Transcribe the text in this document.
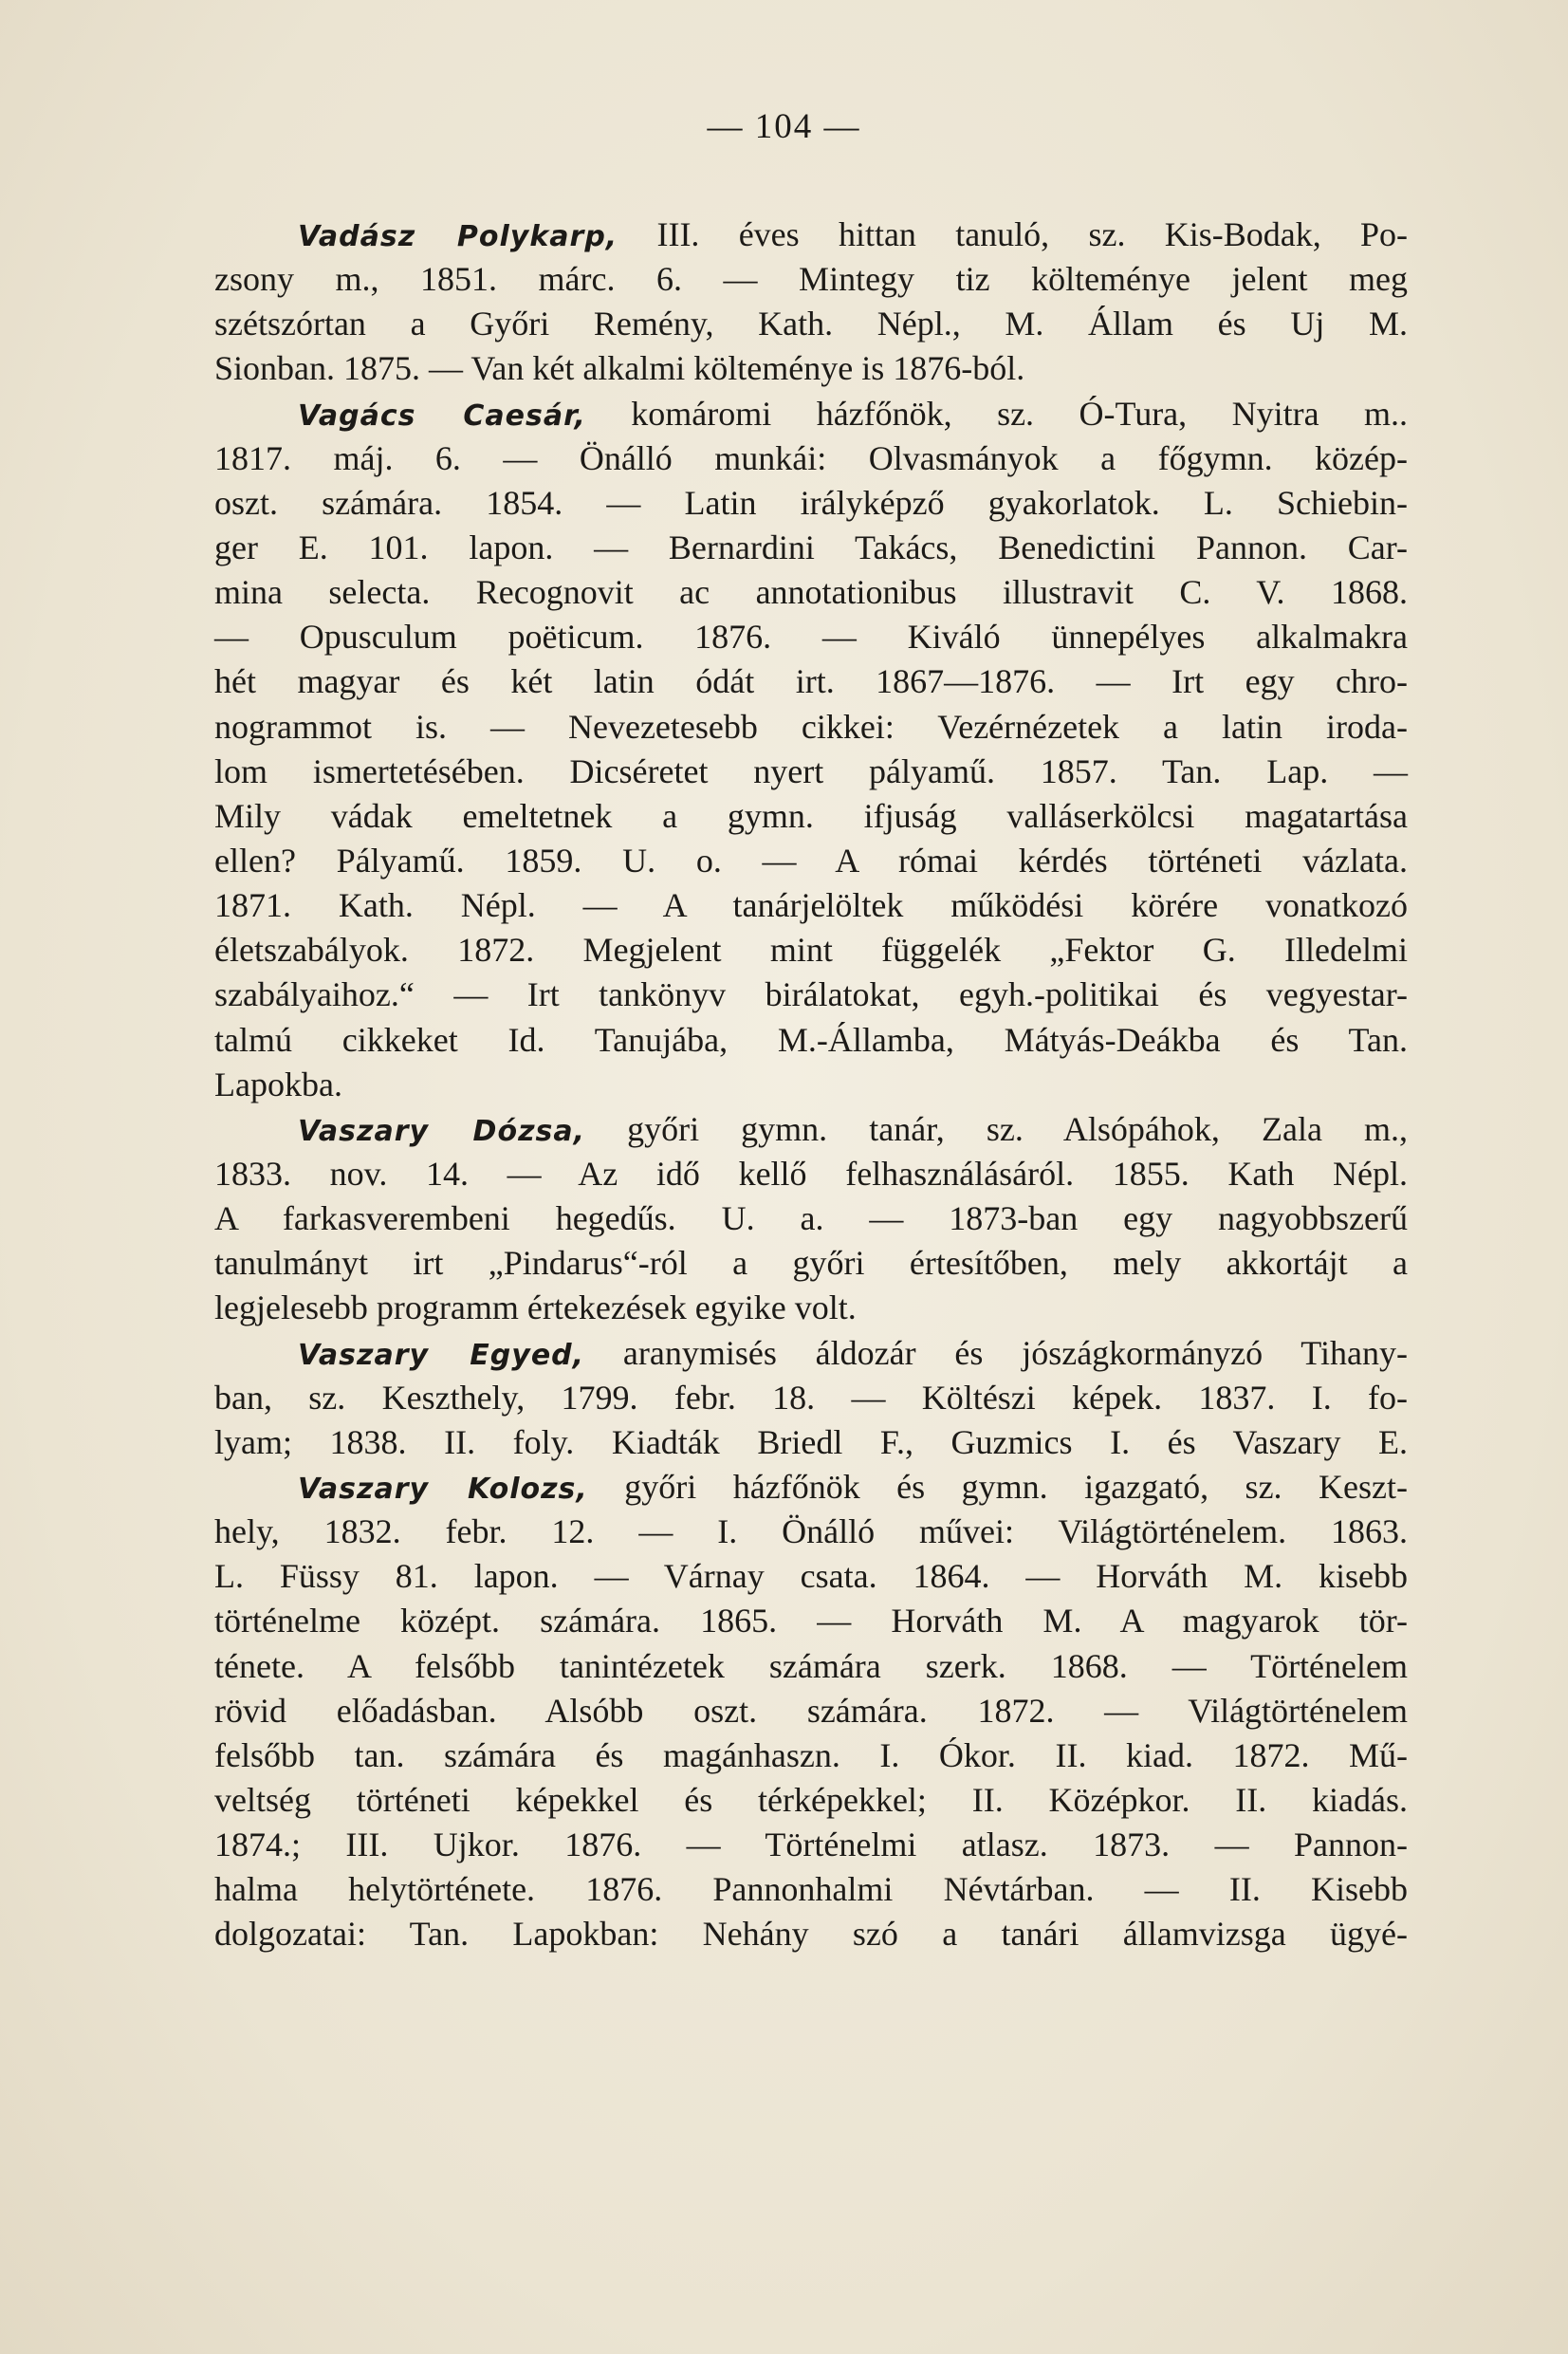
— 104 —
Vadász Polykarp, III. éves hittan tanuló, sz. Kis-Bodak, Po-
zsony m., 1851. márc. 6. — Mintegy tiz költeménye jelent meg
szétszórtan a Győri Remény, Kath. Népl., M. Állam és Uj M.
Sionban. 1875. — Van két alkalmi költeménye is 1876-ból.
Vagács Caesár, komáromi házfőnök, sz. Ó-Tura, Nyitra m..
1817. máj. 6. — Önálló munkái: Olvasmányok a főgymn. közép-
oszt. számára. 1854. — Latin irályképző gyakorlatok. L. Schiebin-
ger E. 101. lapon. — Bernardini Takács, Benedictini Pannon. Car-
mina selecta. Recognovit ac annotationibus illustravit C. V. 1868.
— Opusculum poëticum. 1876. — Kiváló ünnepélyes alkalmakra
hét magyar és két latin ódát irt. 1867—1876. — Irt egy chro-
nogrammot is. — Nevezetesebb cikkei: Vezérnézetek a latin iroda-
lom ismertetésében. Dicséretet nyert pályamű. 1857. Tan. Lap. —
Mily vádak emeltetnek a gymn. ifjuság valláserkölcsi magatartása
ellen? Pályamű. 1859. U. o. — A római kérdés történeti vázlata.
1871. Kath. Népl. — A tanárjelöltek működési körére vonatkozó
életszabályok. 1872. Megjelent mint függelék „Fektor G. Illedelmi
szabályaihoz.“ — Irt tankönyv birálatokat, egyh.-politikai és vegyestar-
talmú cikkeket Id. Tanujába, M.-Államba, Mátyás-Deákba és Tan.
Lapokba.
Vaszary Dózsa, győri gymn. tanár, sz. Alsópáhok, Zala m.,
1833. nov. 14. — Az idő kellő felhasználásáról. 1855. Kath Népl.
A farkasverembeni hegedűs. U. a. — 1873-ban egy nagyobbszerű
tanulmányt irt „Pindarus“-ról a győri értesítőben, mely akkortájt a
legjelesebb programm értekezések egyike volt.
Vaszary Egyed, aranymisés áldozár és jószágkormányzó Tihany-
ban, sz. Keszthely, 1799. febr. 18. — Költészi képek. 1837. I. fo-
lyam; 1838. II. foly. Kiadták Briedl F., Guzmics I. és Vaszary E.
Vaszary Kolozs, győri házfőnök és gymn. igazgató, sz. Keszt-
hely, 1832. febr. 12. — I. Önálló művei: Világtörténelem. 1863.
L. Füssy 81. lapon. — Várnay csata. 1864. — Horváth M. kisebb
történelme középt. számára. 1865. — Horváth M. A magyarok tör-
ténete. A felsőbb tanintézetek számára szerk. 1868. — Történelem
rövid előadásban. Alsóbb oszt. számára. 1872. — Világtörténelem
felsőbb tan. számára és magánhaszn. I. Ókor. II. kiad. 1872. Mű-
veltség történeti képekkel és térképekkel; II. Középkor. II. kiadás.
1874.; III. Ujkor. 1876. — Történelmi atlasz. 1873. — Pannon-
halma helytörténete. 1876. Pannonhalmi Névtárban. — II. Kisebb
dolgozatai: Tan. Lapokban: Nehány szó a tanári államvizsga ügyé-
